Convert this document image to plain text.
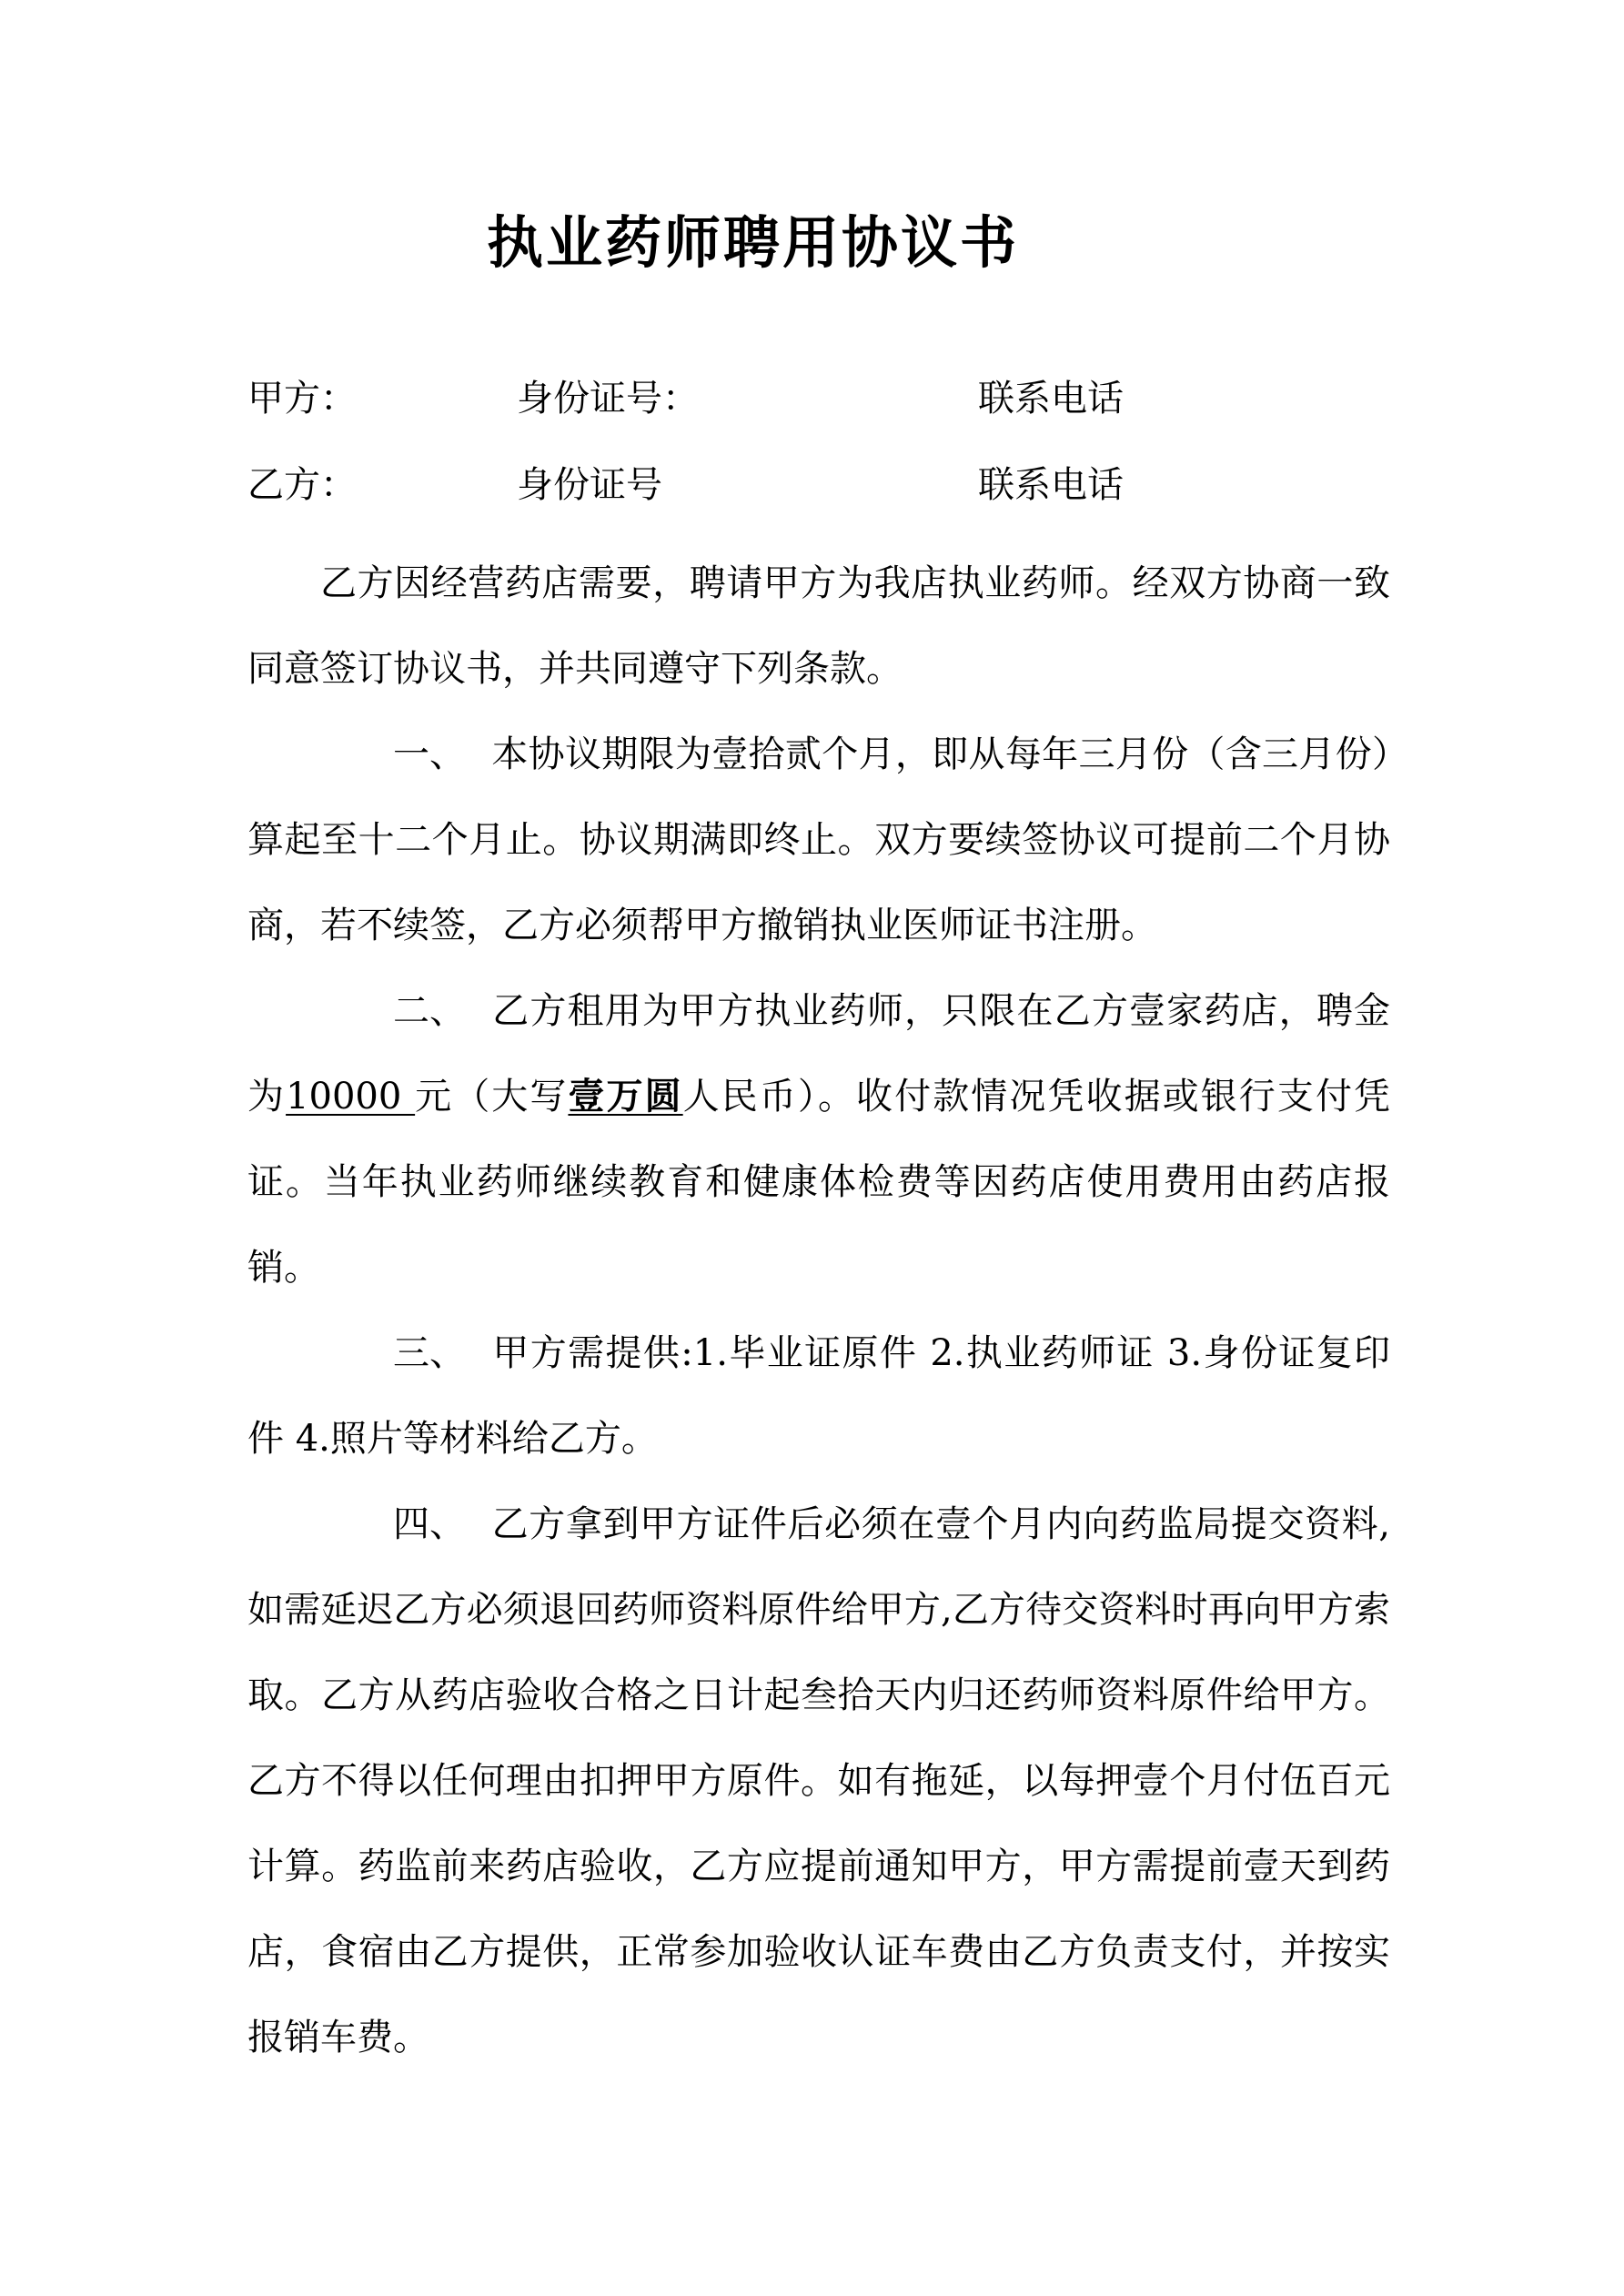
执业药师聘用协议书
甲方：	身份证号：	联系电话
乙方：	身份证号	联系电话

乙方因经营药店需要，聘请甲方为我店执业药师。经双方协商一致同意签订协议书，并共同遵守下列条款。

一、 本协议期限为壹拾贰个月，即从每年三月份（含三月份）算起至十二个月止。协议期满即终止。双方要续签协议可提前二个月协商，若不续签，乙方必须帮甲方撤销执业医师证书注册。

二、 乙方租用为甲方执业药师，只限在乙方壹家药店，聘金为10000 元（大写壹万圆人民币）。收付款情况凭收据或银行支付凭证。当年执业药师继续教育和健康体检费等因药店使用费用由药店报销。

三、 甲方需提供:1.毕业证原件 2.执业药师证 3.身份证复印件 4.照片等材料给乙方。

四、 乙方拿到甲方证件后必须在壹个月内向药监局提交资料,如需延迟乙方必须退回药师资料原件给甲方,乙方待交资料时再向甲方索取。乙方从药店验收合格之日计起叁拾天内归还药师资料原件给甲方。乙方不得以任何理由扣押甲方原件。如有拖延，以每押壹个月付伍百元计算。药监前来药店验收，乙方应提前通知甲方，甲方需提前壹天到药店，食宿由乙方提供，正常参加验收认证车费由乙方负责支付，并按实报销车费。
